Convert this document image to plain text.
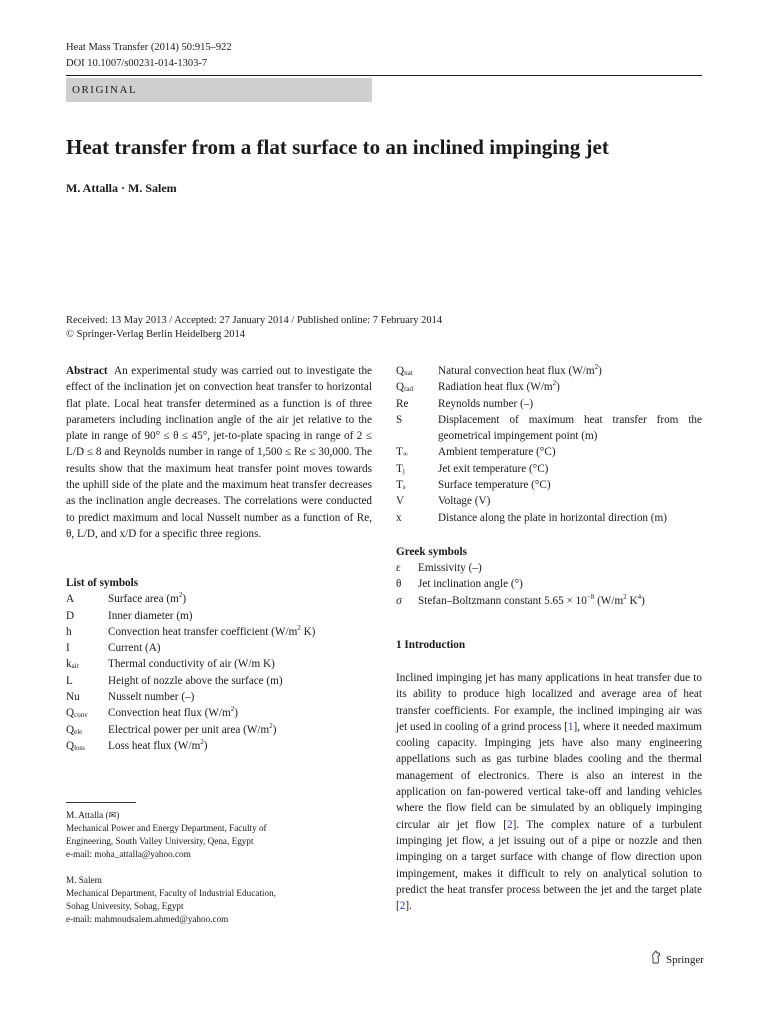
Heat Mass Transfer (2014) 50:915–922
DOI 10.1007/s00231-014-1303-7
ORIGINAL
Heat transfer from a flat surface to an inclined impinging jet
M. Attalla · M. Salem
Received: 13 May 2013 / Accepted: 27 January 2014 / Published online: 7 February 2014
© Springer-Verlag Berlin Heidelberg 2014
Abstract An experimental study was carried out to investigate the effect of the inclination jet on convection heat transfer to horizontal flat plate. Local heat transfer determined as a function is of three parameters including inclination angle of the air jet relative to the plate in range of 90° ≤ θ ≤ 45°, jet-to-plate spacing in range of 2 ≤ L/D ≤ 8 and Reynolds number in range of 1,500 ≤ Re ≤ 30,000. The results show that the maximum heat transfer point moves towards the uphill side of the plate and the maximum heat transfer decreases as the inclination angle decreases. The correlations were conducted to predict maximum and local Nusselt number as a function of Re, θ, L/D, and x/D for a specific three regions.
List of symbols
A	Surface area $(m^2)$
D	Inner diameter (m)
h	Convection heat transfer coefficient ($W/m^2$ K)
I	Current (A)
$k_{air}$	Thermal conductivity of air (W/m K)
L	Height of nozzle above the surface (m)
Nu	Nusselt number (–)
$Q_{conv}$	Convection heat flux $(W/m^2)$
$Q_{ele}$	Electrical power per unit area $(W/m^2)$
$Q_{loss}$	Loss heat flux $(W/m^2)$
$Q_{nat}$	Natural convection heat flux $(W/m^2)$
$Q_{rad}$	Radiation heat flux $(W/m^2)$
Re	Reynolds number (–)
S	Displacement of maximum heat transfer from the geometrical impingement point (m)
$T_\infty$	Ambient temperature (°C)
$T_j$	Jet exit temperature (°C)
$T_s$	Surface temperature (°C)
V	Voltage (V)
x	Distance along the plate in horizontal direction (m)
Greek symbols
ε	Emissivity (–)
θ	Jet inclination angle (°)
σ	Stefan–Boltzmann constant $5.65 \times 10^{-8}$ ($W/m^2$ $K^4$)
1 Introduction
Inclined impinging jet has many applications in heat transfer due to its ability to produce high localized and average area of heat transfer coefficients. For example, the inclined impinging air was jet used in cooling of a grind process [1], where it needed maximum cooling capacity. Impinging jets have also many engineering appellations such as gas turbine blades cooling and the thermal management of electronics. There is also an interest in the application on fan-powered vertical take-off and landing vehicles where the flow field can be simulated by an obliquely impinging circular air jet flow [2]. The complex nature of a turbulent impinging jet flow, a jet issuing out of a pipe or nozzle and then impinging on a target surface with change of flow direction upon impingement, makes it difficult to rely on analytical solution to predict the heat transfer process between the jet and the target plate [2].
M. Attalla (✉)
Mechanical Power and Energy Department, Faculty of
Engineering, South Valley University, Qena, Egypt
e-mail: moha_attalla@yahoo.com
M. Salem
Mechanical Department, Faculty of Industrial Education,
Sohag University, Sohag, Egypt
e-mail: mahmoudsalem.ahmed@yahoo.com
Springer
